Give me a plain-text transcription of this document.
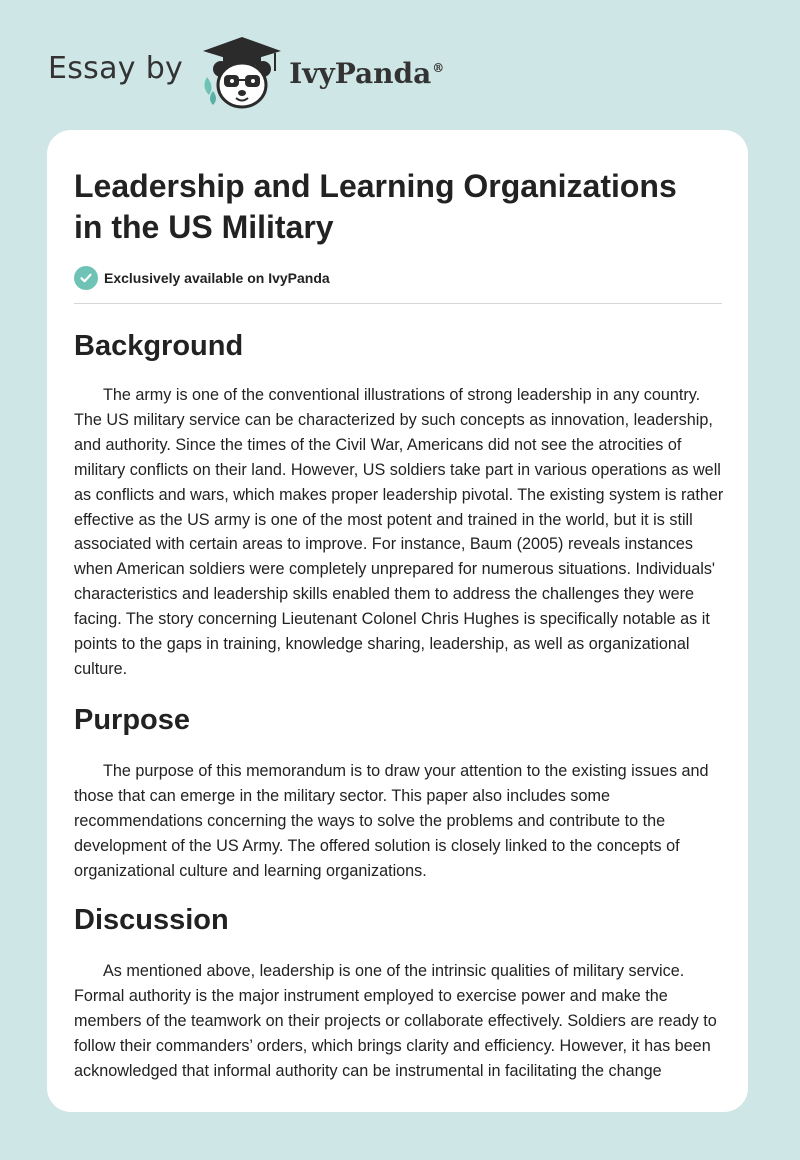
Essay by	IvyPanda®
Leadership and Learning Organizations in the US Military
Exclusively available on IvyPanda
Background

The army is one of the conventional illustrations of strong leadership in any country. The US military service can be characterized by such concepts as innovation, leadership, and authority. Since the times of the Civil War, Americans did not see the atrocities of military conflicts on their land. However, US soldiers take part in various operations as well as conflicts and wars, which makes proper leadership pivotal. The existing system is rather effective as the US army is one of the most potent and trained in the world, but it is still associated with certain areas to improve. For instance, Baum (2005) reveals instances when American soldiers were completely unprepared for numerous situations. Individuals' characteristics and leadership skills enabled them to address the challenges they were facing. The story concerning Lieutenant Colonel Chris Hughes is specifically notable as it points to the gaps in training, knowledge sharing, leadership, as well as organizational culture.

Purpose

The purpose of this memorandum is to draw your attention to the existing issues and those that can emerge in the military sector. This paper also includes some recommendations concerning the ways to solve the problems and contribute to the development of the US Army. The offered solution is closely linked to the concepts of organizational culture and learning organizations.

Discussion

As mentioned above, leadership is one of the intrinsic qualities of military service. Formal authority is the major instrument employed to exercise power and make the members of the teamwork on their projects or collaborate effectively. Soldiers are ready to follow their commanders’ orders, which brings clarity and efficiency. However, it has been acknowledged that informal authority can be instrumental in facilitating the change
